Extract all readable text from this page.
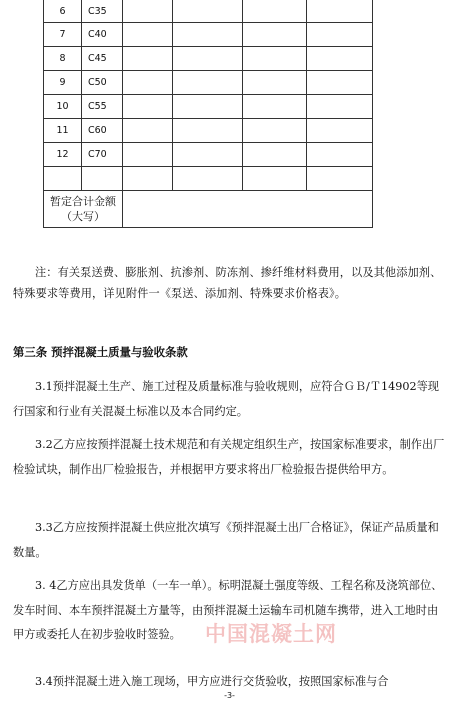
6	C35				
7	C40				
8	C45				
9	C50				
10	C55				
11	C60				
12	C70				

暂定合计金额
（大写）					

注：有关泵送费、膨胀剂、抗渗剂、防冻剂、掺纤维材料费用，以及其他添加剂、特殊要求等费用，详见附件一《泵送、添加剂、特殊要求价格表》。
第三条 预拌混凝土质量与验收条款
3.1预拌混凝土生产、施工过程及质量标准与验收规则，应符合ＧＢ/Ｔ14902等现行国家和行业有关混凝土标准以及本合同约定。
3.2乙方应按预拌混凝土技术规范和有关规定组织生产，按国家标准要求，制作出厂检验试块，制作出厂检验报告，并根据甲方要求将出厂检验报告提供给甲方。
3.3乙方应按预拌混凝土供应批次填写《预拌混凝土出厂合格证》，保证产品质量和数量。
3. 4乙方应出具发货单（一车一单）。标明混凝土强度等级、工程名称及浇筑部位、发车时间、本车预拌混凝土方量等，由预拌混凝土运输车司机随车携带，进入工地时由甲方或委托人在初步验收时签验。
3.4预拌混凝土进入施工现场，甲方应进行交货验收，按照国家标准与合
中国混凝土网
-3-
